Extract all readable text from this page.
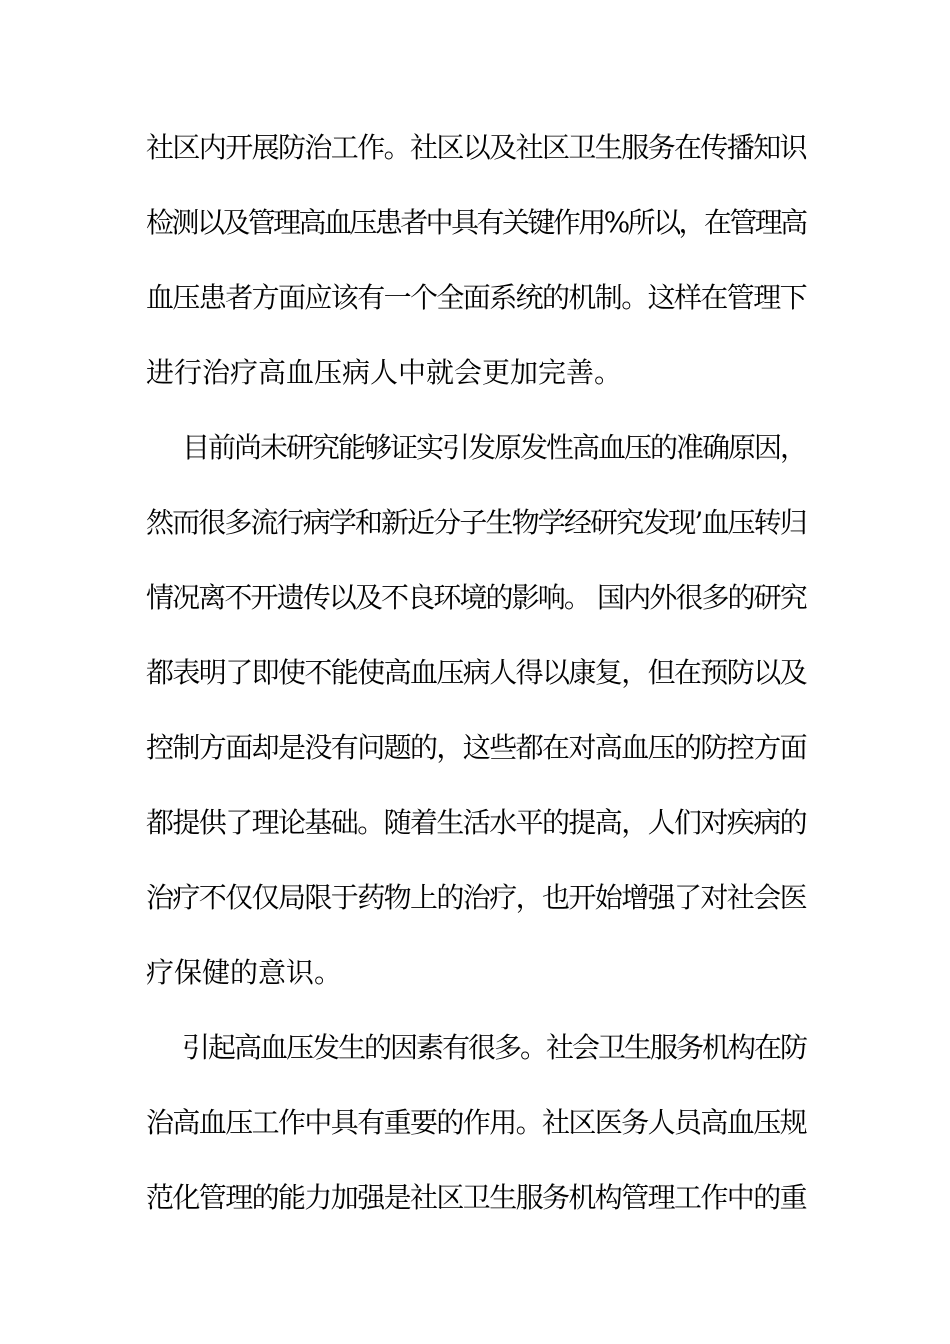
社区内开展防治工作。社区以及社区卫生服务在传播知识
检测以及管理高血压患者中具有关键作用%所以，在管理高
血压患者方面应该有一个全面系统的机制。这样在管理下
进行治疗高血压病人中就会更加完善。
目前尚未研究能够证实引发原发性高血压的准确原因，
然而很多流行病学和新近分子生物学经研究发现’血压转归
情况离不开遗传以及不良环境的影响。 国内外很多的研究
都表明了即使不能使高血压病人得以康复，但在预防以及
控制方面却是没有问题的，这些都在对高血压的防控方面
都提供了理论基础。随着生活水平的提高，人们对疾病的
治疗不仅仅局限于药物上的治疗，也开始增强了对社会医
疗保健的意识。
引起高血压发生的因素有很多。社会卫生服务机构在防
治高血压工作中具有重要的作用。社区医务人员高血压规
范化管理的能力加强是社区卫生服务机构管理工作中的重
